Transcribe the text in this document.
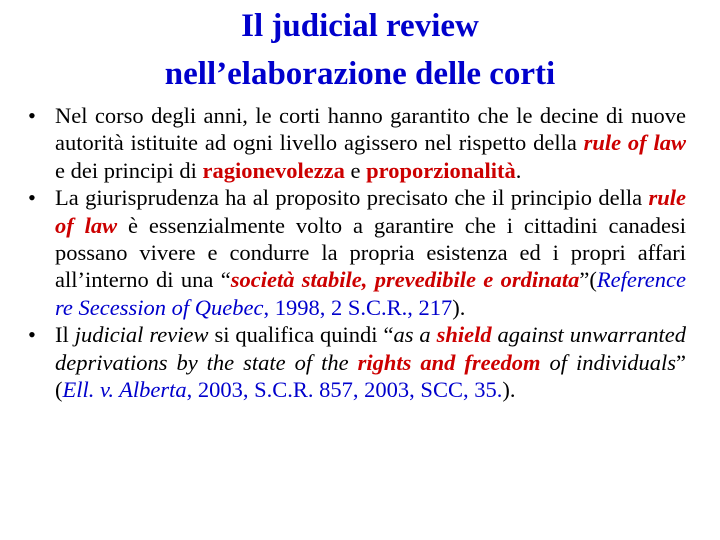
Il judicial review
nell’elaborazione delle corti
• Nel corso degli anni, le corti hanno garantito che le decine di nuove autorità istituite ad ogni livello agissero nel rispetto della rule of law e dei principi di ragionevolezza e proporzionalità.
• La giurisprudenza ha al proposito precisato che il principio della rule of law è essenzialmente volto a garantire che i cittadini canadesi possano vivere e condurre la propria esistenza ed i propri affari all’interno di una “società stabile, prevedibile e ordinata”(Reference re Secession of Quebec, 1998, 2 S.C.R., 217).
• Il judicial review si qualifica quindi “as a shield against unwarranted deprivations by the state of the rights and freedom of individuals” (Ell. v. Alberta, 2003, S.C.R. 857, 2003, SCC, 35.).
